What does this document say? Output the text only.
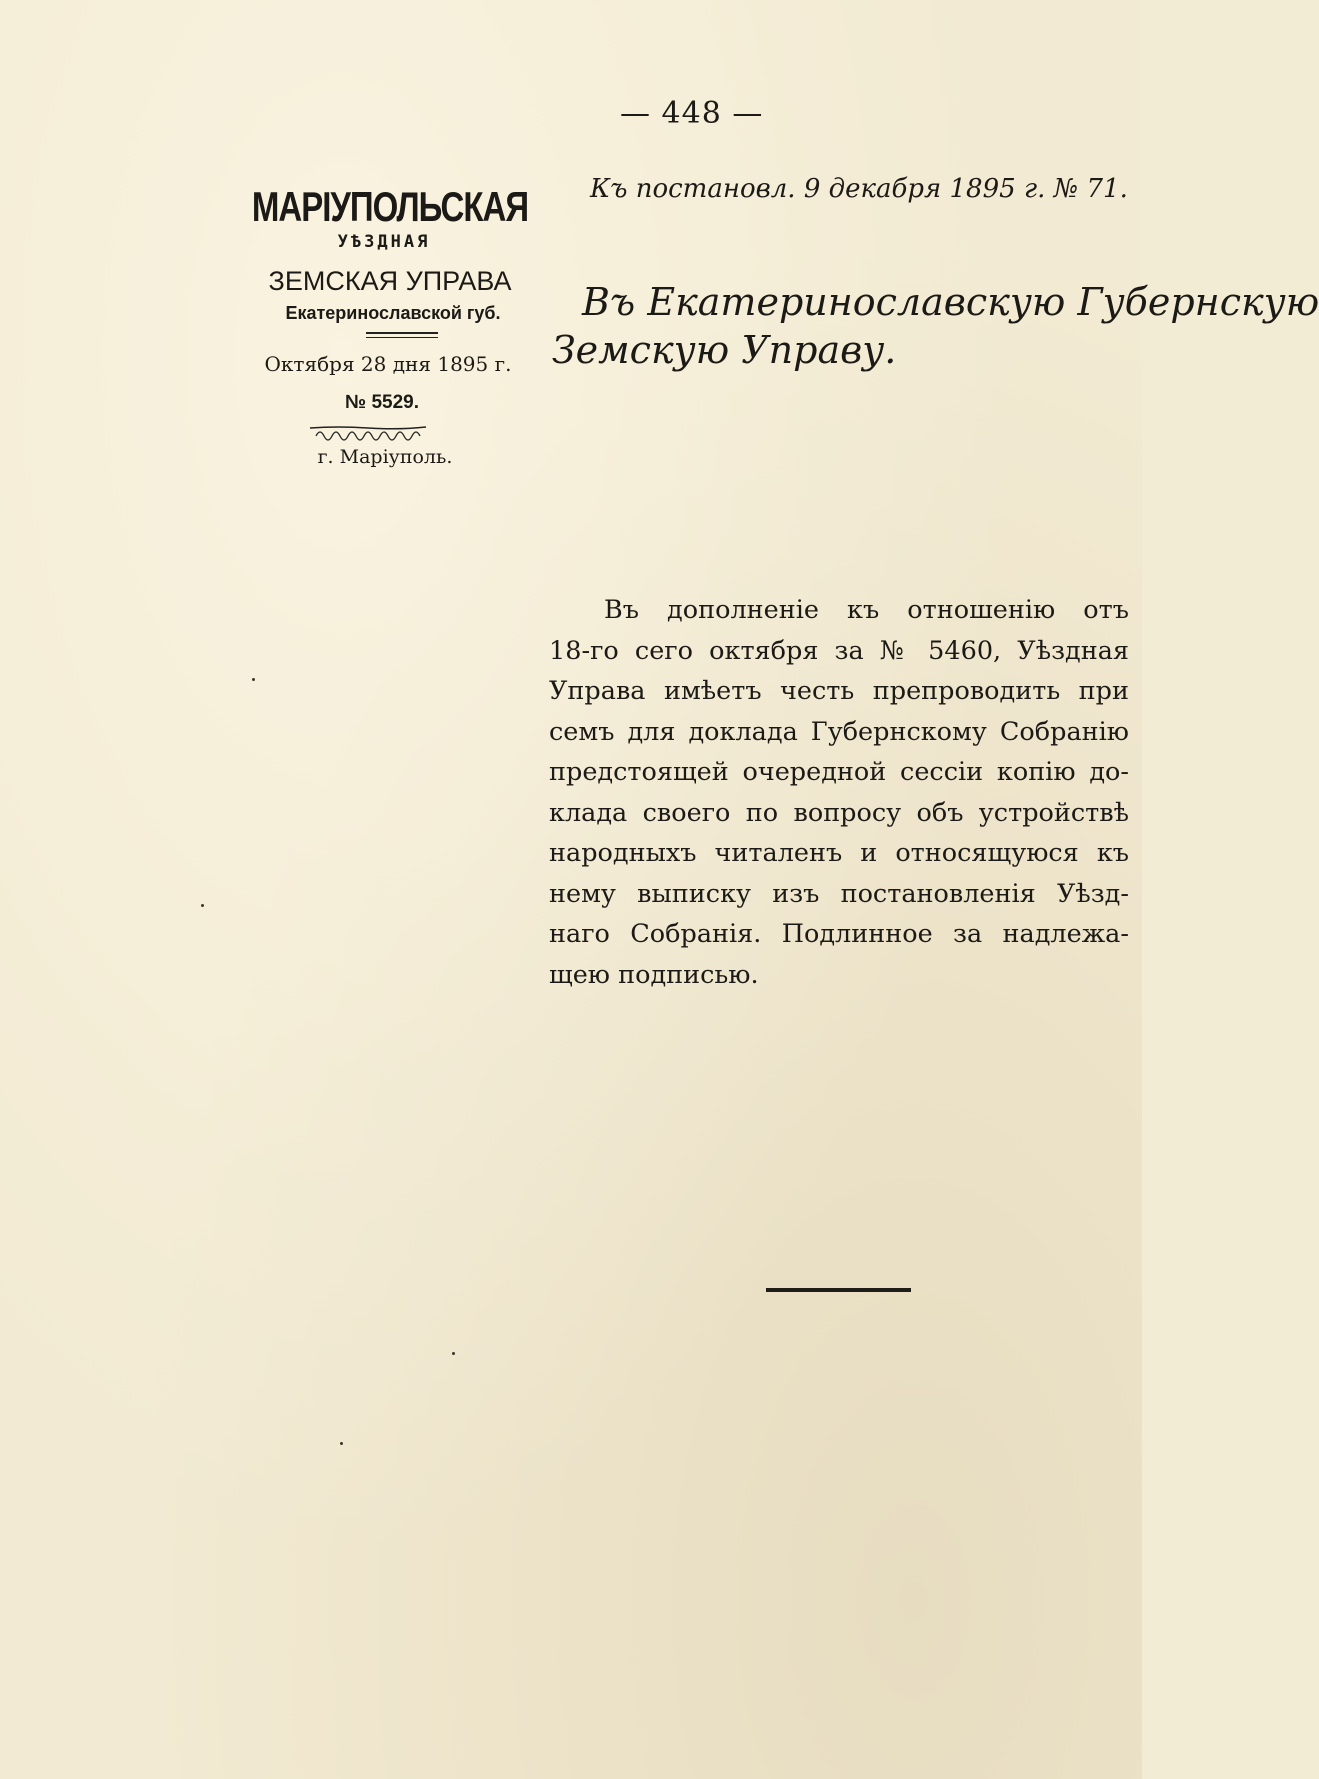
— 448 —
МАРІУПОЛЬСКАЯ
УѢЗДНАЯ
ЗЕМСКАЯ УПРАВА
Екатеринославской губ.
Октября 28 дня 1895 г.
№ 5529.
г. Маріуполь.
Къ постановл. 9 декабря 1895 г. № 71.
Въ Екатеринославскую Губернскую
Земскую Управу.
Въ дополненіе къ отношенію отъ
18-го сего октября за № 5460, Уѣздная
Управа имѣетъ честь препроводить при
семъ для доклада Губернскому Собранію
предстоящей очередной сессіи копію до-
клада своего по вопросу объ устройствѣ
народныхъ читаленъ и относящуюся къ
нему выписку изъ постановленія Уѣзд-
наго Собранія. Подлинное за надлежа-
щею подписью.
